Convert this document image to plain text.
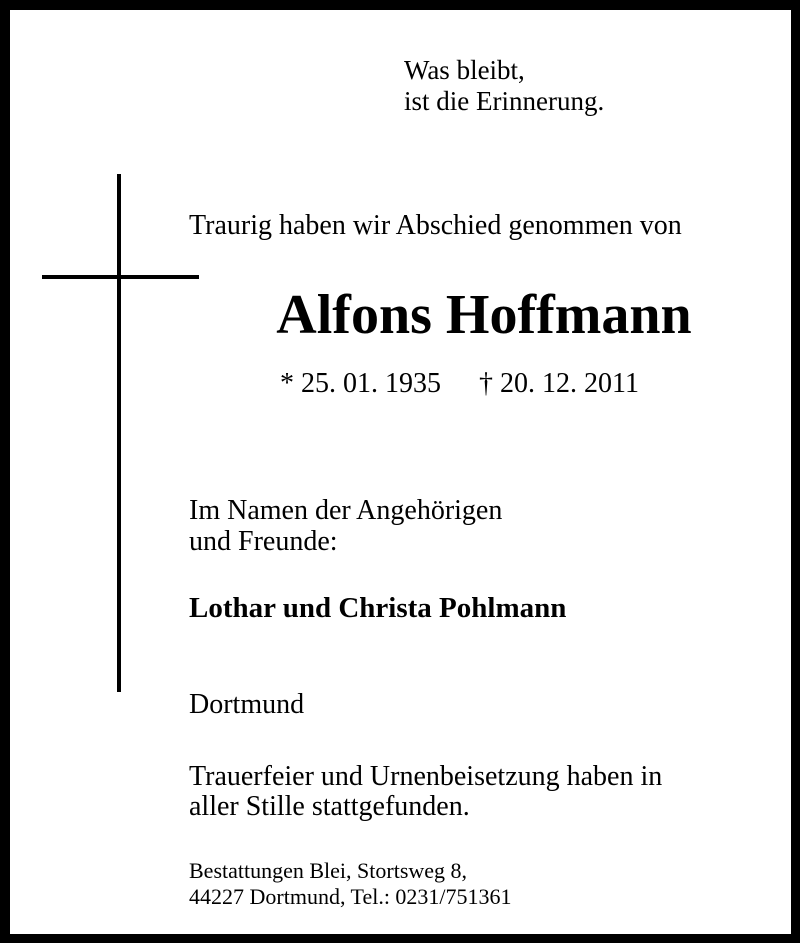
Was bleibt,
ist die Erinnerung.
Traurig haben wir Abschied genommen von
Alfons Hoffmann
* 25. 01. 1935 † 20. 12. 2011
Im Namen der Angehörigen
und Freunde:
Lothar und Christa Pohlmann
Dortmund
Trauerfeier und Urnenbeisetzung haben in
aller Stille stattgefunden.
Bestattungen Blei, Stortsweg 8,
44227 Dortmund, Tel.: 0231/751361
